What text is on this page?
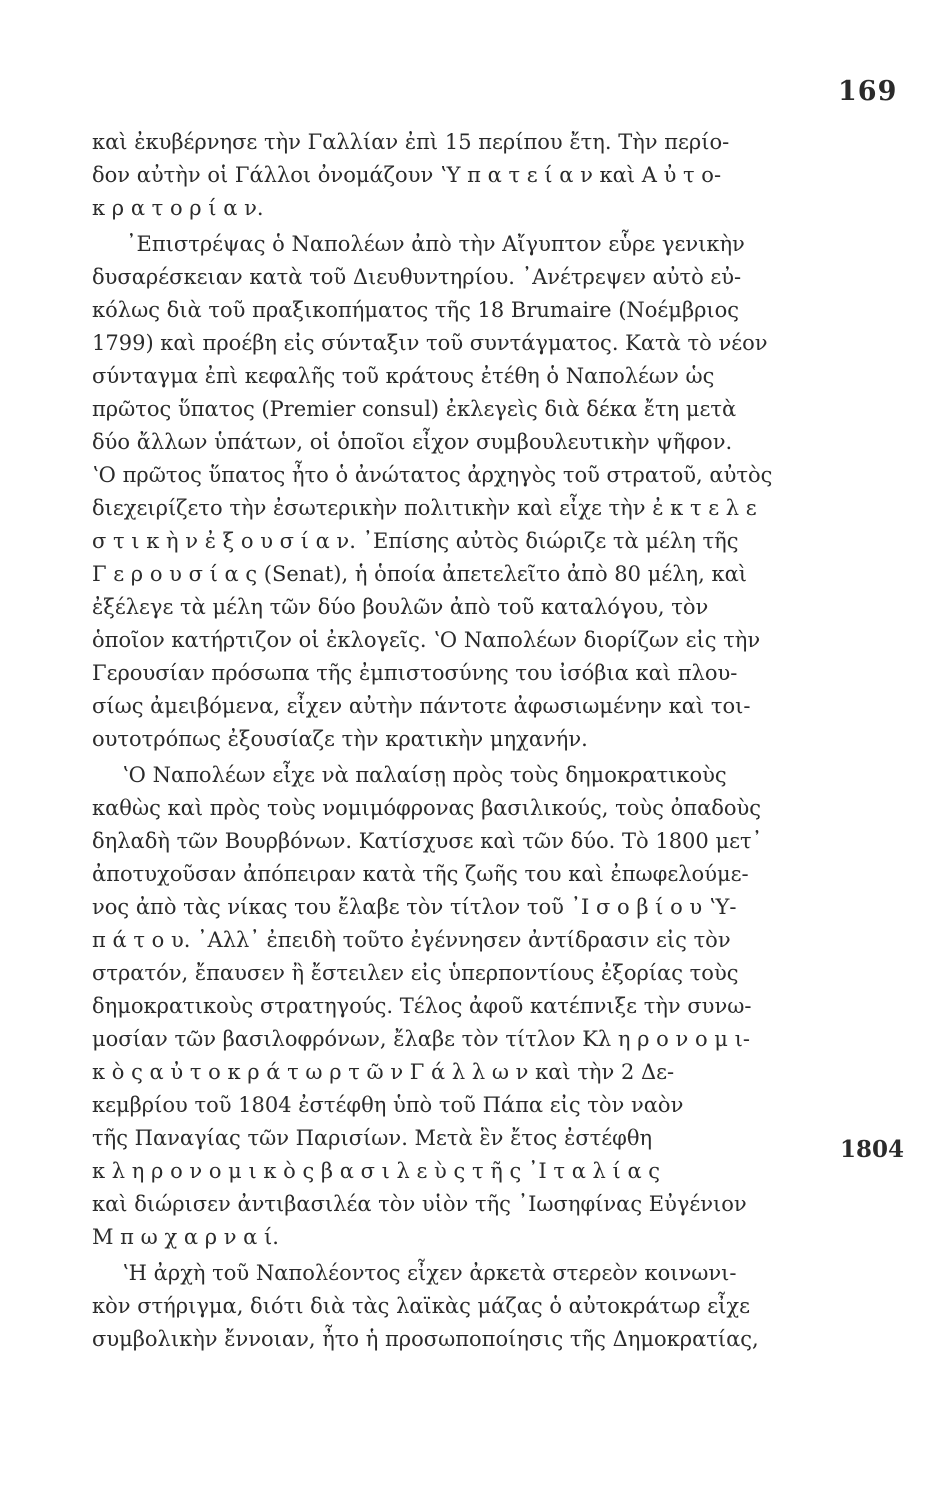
169
καὶ ἐκυβέρνησε τὴν Γαλλίαν ἐπὶ 15 περίπου ἔτη. Τὴν περίο-
δον αὐτὴν οἱ Γάλλοι ὀνομάζουν ʽΥ π α τ ε ί α ν καὶ Α ὐ τ ο-
κ ρ α τ ο ρ ί α ν.
᾿Επιστρέψας ὁ Ναπολέων ἀπὸ τὴν Αἴγυπτον εὗρε γενικὴν
δυσαρέσκειαν κατὰ τοῦ Διευθυντηρίου. ᾿Ανέτρεψεν αὐτὸ εὐ-
κόλως διὰ τοῦ πραξικοπήματος τῆς 18 Brumaire (Νοέμβριος
1799) καὶ προέβη εἰς σύνταξιν τοῦ συντάγματος. Κατὰ τὸ νέον
σύνταγμα ἐπὶ κεφαλῆς τοῦ κράτους ἐτέθη ὁ Ναπολέων ὡς
πρῶτος ὕπατος (Premier consul) ἐκλεγεὶς διὰ δέκα ἔτη μετὰ
δύο ἄλλων ὑπάτων, οἱ ὁποῖοι εἶχον συμβουλευτικὴν ψῆφον.
ʽΟ πρῶτος ὕπατος ἦτο ὁ ἀνώτατος ἀρχηγὸς τοῦ στρατοῦ, αὐτὸς
διεχειρίζετο τὴν ἐσωτερικὴν πολιτικὴν καὶ εἶχε τὴν ἐ κ τ ε λ ε
σ τ ι κ ὴ ν ἐ ξ ο υ σ ί α ν. ᾿Επίσης αὐτὸς διώριζε τὰ μέλη τῆς
Γ ε ρ ο υ σ ί α ς (Senat), ἡ ὁποία ἀπετελεῖτο ἀπὸ 80 μέλη, καὶ
ἐξέλεγε τὰ μέλη τῶν δύο βουλῶν ἀπὸ τοῦ καταλόγου, τὸν
ὁποῖον κατήρτιζον οἱ ἐκλογεῖς. ʽΟ Ναπολέων διορίζων εἰς τὴν
Γερουσίαν πρόσωπα τῆς ἐμπιστοσύνης του ἰσόβια καὶ πλου-
σίως ἀμειβόμενα, εἶχεν αὐτὴν πάντοτε ἀφωσιωμένην καὶ τοι-
ουτοτρόπως ἐξουσίαζε τὴν κρατικὴν μηχανήν.
ʽΟ Ναπολέων εἶχε νὰ παλαίσῃ πρὸς τοὺς δημοκρατικοὺς
καθὼς καὶ πρὸς τοὺς νομιμόφρονας βασιλικούς, τοὺς ὀπαδοὺς
δηλαδὴ τῶν Βουρβόνων. Κατίσχυσε καὶ τῶν δύο. Τὸ 1800 μετ᾿
ἀποτυχοῦσαν ἀπόπειραν κατὰ τῆς ζωῆς του καὶ ἐπωφελούμε-
νος ἀπὸ τὰς νίκας του ἔλαβε τὸν τίτλον τοῦ ᾿Ι σ ο β ί ο υ ʽΥ-
π ά τ ο υ. ᾿Αλλ᾿ ἐπειδὴ τοῦτο ἐγέννησεν ἀντίδρασιν εἰς τὸν
στρατόν, ἔπαυσεν ἢ ἔστειλεν εἰς ὑπερποντίους ἐξορίας τοὺς
δημοκρατικοὺς στρατηγούς. Τέλος ἀφοῦ κατέπνιξε τὴν συνω-
μοσίαν τῶν βασιλοφρόνων, ἔλαβε τὸν τίτλον Κλ η ρ ο ν ο μ ι-
κ ὸ ς α ὐ τ ο κ ρ ά τ ω ρ τ ῶ ν Γ ά λ λ ω ν καὶ τὴν 2 Δε-
κεμβρίου τοῦ 1804 ἐστέφθη ὑπὸ τοῦ Πάπα εἰς τὸν ναὸν
τῆς Παναγίας τῶν Παρισίων. Μετὰ ἓν ἔτος ἐστέφθη
κ λ η ρ ο ν ο μ ι κ ὸ ς β α σ ι λ ε ὺ ς τ ῆ ς ᾿Ι τ α λ ί α ς
καὶ διώρισεν ἀντιβασιλέα τὸν υἱὸν τῆς ᾿Ιωσηφίνας Εὐγένιον
Μ π ω χ α ρ ν α ί.
ʽΗ ἀρχὴ τοῦ Ναπολέοντος εἶχεν ἀρκετὰ στερεὸν κοινωνι-
κὸν στήριγμα, διότι διὰ τὰς λαϊκὰς μάζας ὁ αὐτοκράτωρ εἶχε
συμβολικὴν ἔννοιαν, ἦτο ἡ προσωποποίησις τῆς Δημοκρατίας,
1804
